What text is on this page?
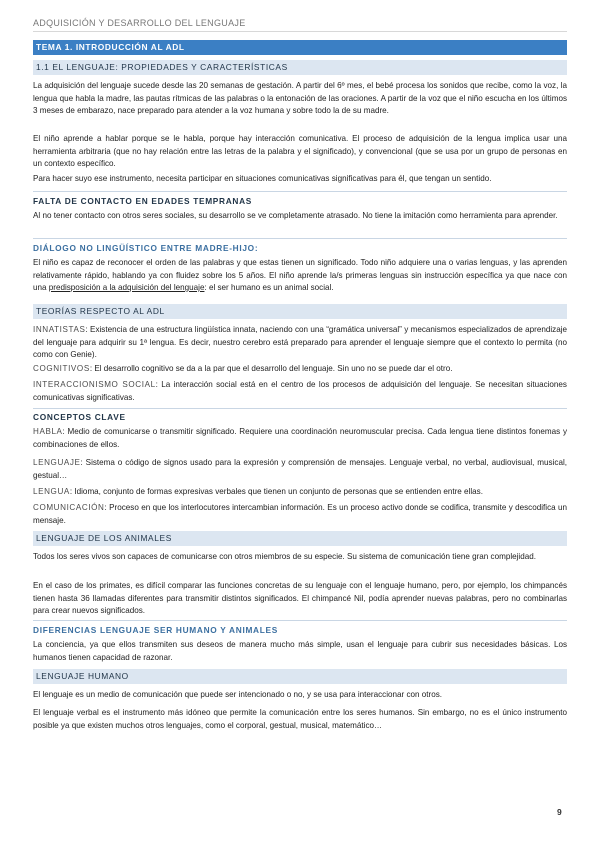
ADQUISICIÓN Y DESARROLLO DEL LENGUAJE
TEMA 1. INTRODUCCIÓN AL ADL
1.1 EL LENGUAJE: PROPIEDADES Y CARACTERÍSTICAS

La adquisición del lenguaje sucede desde las 20 semanas de gestación. A partir del 6º mes, el bebé procesa los sonidos que recibe, como la voz, la lengua que habla la madre, las pautas rítmicas de las palabras o la entonación de las oraciones. A partir de la voz que el niño escucha en los últimos 3 meses de embarazo, nace preparado para atender a la voz humana y sobre todo la de su madre.

El niño aprende a hablar porque se le habla, porque hay interacción comunicativa. El proceso de adquisición de la lengua implica usar una herramienta arbitraria (que no hay relación entre las letras de la palabra y el significado), y convencional (que se usa por un grupo de personas en un contexto específico.

Para hacer suyo ese instrumento, necesita participar en situaciones comunicativas significativas para él, que tengan un sentido.

FALTA DE CONTACTO EN EDADES TEMPRANAS

Al no tener contacto con otros seres sociales, su desarrollo se ve completamente atrasado. No tiene la imitación como herramienta para aprender.

DIÁLOGO NO LINGÜÍSTICO ENTRE MADRE-HIJO:

El niño es capaz de reconocer el orden de las palabras y que estas tienen un significado. Todo niño adquiere una o varias lenguas, y las aprenden relativamente rápido, hablando ya con fluidez sobre los 5 años. El niño aprende la/s primeras lenguas sin instrucción específica ya que nace con una predisposición a la adquisición del lenguaje: el ser humano es un animal social.

TEORÍAS RESPECTO AL ADL

INNATISTAS: Existencia de una estructura lingüística innata, naciendo con una “gramática universal” y mecanismos especializados de aprendizaje del lenguaje para adquirir su 1ª lengua. Es decir, nuestro cerebro está preparado para aprender el lenguaje siempre que el contexto lo permita (no como con Genie).

COGNITIVOS: El desarrollo cognitivo se da a la par que el desarrollo del lenguaje. Sin uno no se puede dar el otro.

INTERACCIONISMO SOCIAL: La interacción social está en el centro de los procesos de adquisición del lenguaje. Se necesitan situaciones comunicativas significativas.

CONCEPTOS CLAVE

HABLA: Medio de comunicarse o transmitir significado. Requiere una coordinación neuromuscular precisa. Cada lengua tiene distintos fonemas y combinaciones de ellos.

LENGUAJE: Sistema o código de signos usado para la expresión y comprensión de mensajes. Lenguaje verbal, no verbal, audiovisual, musical, gestual…

LENGUA: Idioma, conjunto de formas expresivas verbales que tienen un conjunto de personas que se entienden entre ellas.

COMUNICACIÓN: Proceso en que los interlocutores intercambian información. Es un proceso activo donde se codifica, transmite y descodifica un mensaje.

LENGUAJE DE LOS ANIMALES

Todos los seres vivos son capaces de comunicarse con otros miembros de su especie. Su sistema de comunicación tiene gran complejidad.

En el caso de los primates, es difícil comparar las funciones concretas de su lenguaje con el lenguaje humano, pero, por ejemplo, los chimpancés tienen hasta 36 llamadas diferentes para transmitir distintos significados. El chimpancé Nil, podía aprender nuevas palabras, pero no combinarlas para crear nuevos significados.

DIFERENCIAS LENGUAJE SER HUMANO Y ANIMALES

La conciencia, ya que ellos transmiten sus deseos de manera mucho más simple, usan el lenguaje para cubrir sus necesidades básicas. Los humanos tienen capacidad de razonar.

LENGUAJE HUMANO

El lenguaje es un medio de comunicación que puede ser intencionado o no, y se usa para interaccionar con otros.

El lenguaje verbal es el instrumento más idóneo que permite la comunicación entre los seres humanos. Sin embargo, no es el único instrumento posible ya que existen muchos otros lenguajes, como el corporal, gestual, musical, matemático…

9
